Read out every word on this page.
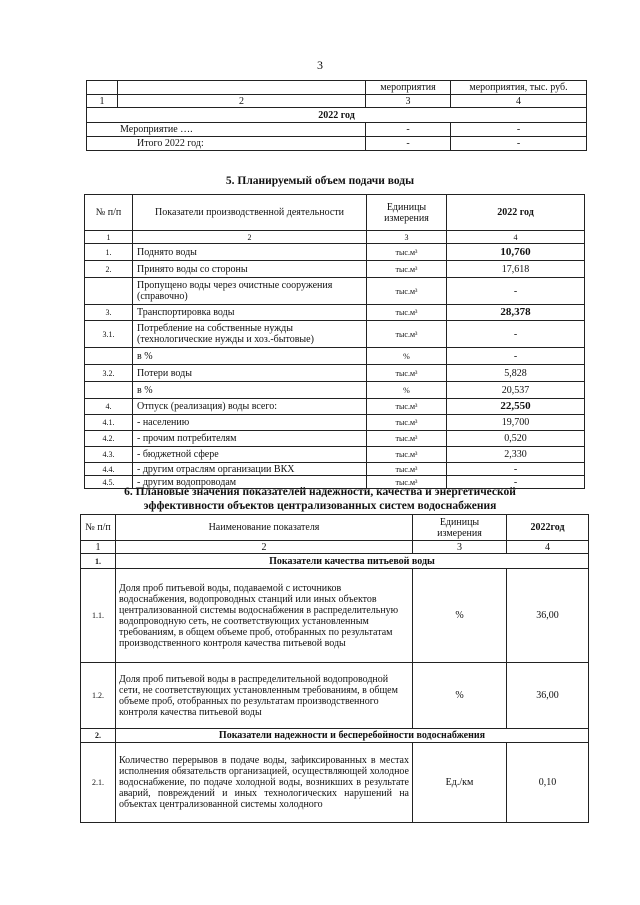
3
		мероприятия	мероприятия, тыс. руб.
1	2	3	4
2022 год			
Мероприятие ….		-	-
Итого 2022 год:		-	-
5. Планируемый объем подачи воды
№ п/п	Показатели производственной деятельности	Единицы измерения	2022 год
1	2	3	4
1.	Поднято воды	тыс.м³	10,760
2.	Принято воды со стороны	тыс.м³	17,618
	Пропущено воды через очистные сооружения (справочно)	тыс.м³	-
3.	Транспортировка воды	тыс.м³	28,378
3.1.	Потребление на собственные нужды (технологические нужды и хоз.-бытовые)	тыс.м³	-
	в %	%	-
3.2.	Потери воды	тыс.м³	5,828
	в %	%	20,537
4.	Отпуск (реализация) воды всего:	тыс.м³	22,550
4.1.	- населению	тыс.м³	19,700
4.2.	- прочим потребителям	тыс.м³	0,520
4.3.	- бюджетной сфере	тыс.м³	2,330
4.4.	- другим отраслям организации ВКХ	тыс.м³	-
4.5.	- другим водопроводам	тыс.м³	-
6. Плановые значения показателей надежности, качества и энергетической
эффективности объектов централизованных систем водоснабжения
№ п/п	Наименование показателя	Единицы измерения	2022год
1	2	3	4
1.	Показатели качества питьевой воды		
1.1.	Доля проб питьевой воды, подаваемой с источников водоснабжения, водопроводных станций или иных объектов централизованной системы водоснабжения в распределительную водопроводную сеть, не соответствующих установленным требованиям, в общем объеме проб, отобранных по результатам производственного контроля качества питьевой воды	%	36,00
1.2.	Доля проб питьевой воды в распределительной водопроводной сети, не соответствующих установленным требованиям, в общем объеме проб, отобранных по результатам производственного контроля качества питьевой воды	%	36,00
2.	Показатели надежности и бесперебойности водоснабжения		
2.1.	Количество перерывов в подаче воды, зафиксированных в местах исполнения обязательств организацией, осуществляющей холодное водоснабжение, по подаче холодной воды, возникших в результате аварий, повреждений и иных технологических нарушений на объектах централизованной системы холодного	Ед./км	0,10
